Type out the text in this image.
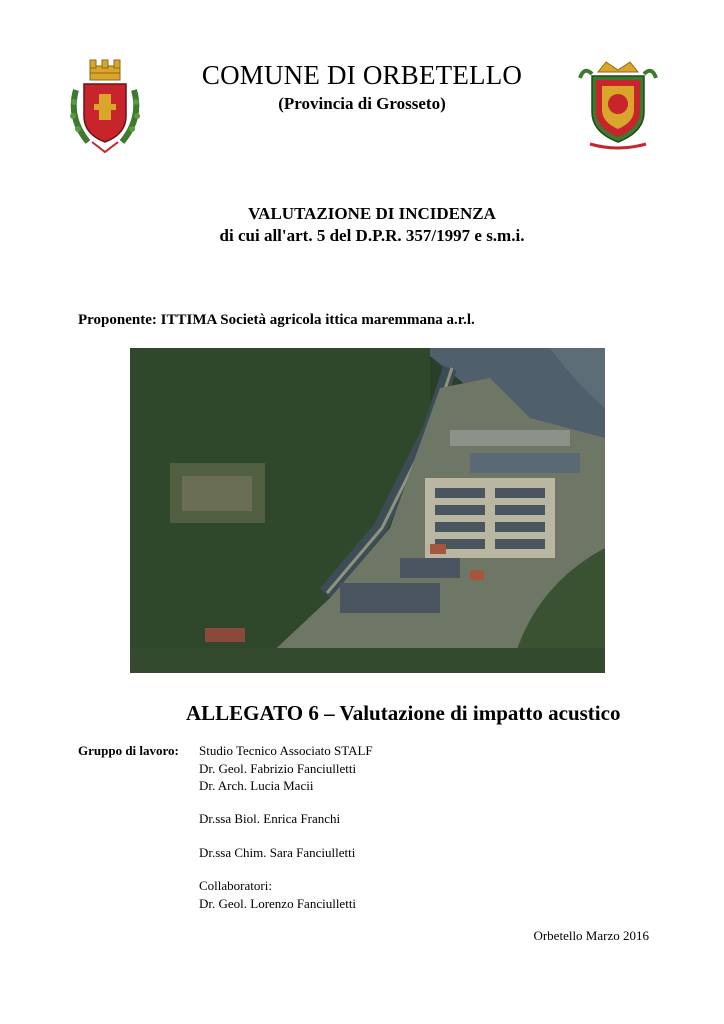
COMUNE DI ORBETELLO
(Provincia di Grosseto)
VALUTAZIONE DI INCIDENZA
di cui all'art. 5 del D.P.R. 357/1997 e s.m.i.
Proponente: ITTIMA Società agricola ittica maremmana a.r.l.
ALLEGATO 6 – Valutazione di impatto acustico
Gruppo di lavoro: Studio Tecnico Associato STALF
Dr. Geol. Fabrizio Fanciulletti
Dr. Arch. Lucia Macii
Dr.ssa Biol. Enrica Franchi
Dr.ssa Chim. Sara Fanciulletti
Collaboratori:
Dr. Geol. Lorenzo Fanciulletti
Orbetello Marzo 2016
